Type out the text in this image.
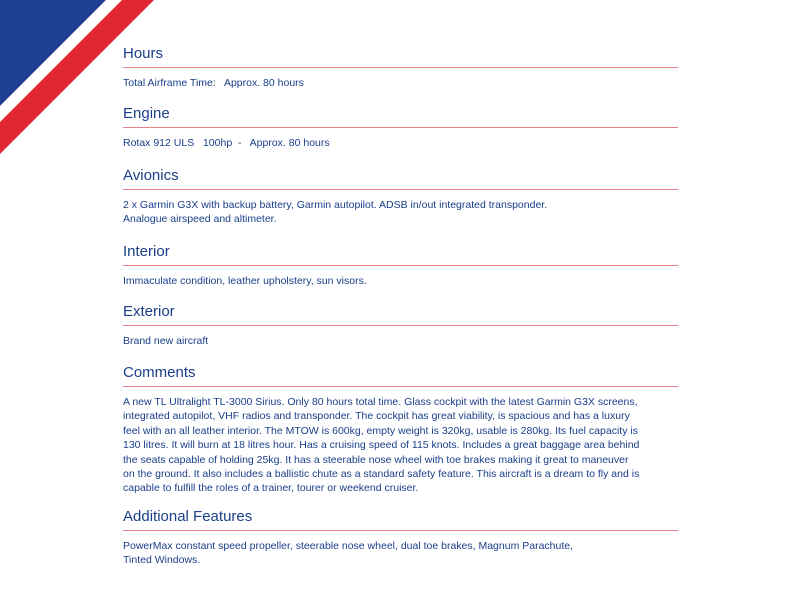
Hours
Total Airframe Time:   Approx. 80 hours
Engine
Rotax 912 ULS   100hp  -   Approx. 80 hours
Avionics
2 x Garmin G3X with backup battery, Garmin autopilot. ADSB in/out integrated transponder.
Analogue airspeed and altimeter.
Interior
Immaculate condition, leather upholstery, sun visors.
Exterior
Brand new aircraft
Comments
A new TL Ultralight TL-3000 Sirius. Only 80 hours total time. Glass cockpit with the latest Garmin G3X screens,
integrated autopilot, VHF radios and transponder. The cockpit has great viability, is spacious and has a luxury
feel with an all leather interior. The MTOW is 600kg, empty weight is 320kg, usable is 280kg. Its fuel capacity is
130 litres. It will burn at 18 litres hour. Has a cruising speed of 115 knots. Includes a great baggage area behind
the seats capable of holding 25kg. It has a steerable nose wheel with toe brakes making it great to maneuver
on the ground. It also includes a ballistic chute as a standard safety feature. This aircraft is a dream to fly and is
capable to fulfill the roles of a trainer, tourer or weekend cruiser.
Additional Features
PowerMax constant speed propeller, steerable nose wheel, dual toe brakes, Magnum Parachute,
Tinted Windows.
